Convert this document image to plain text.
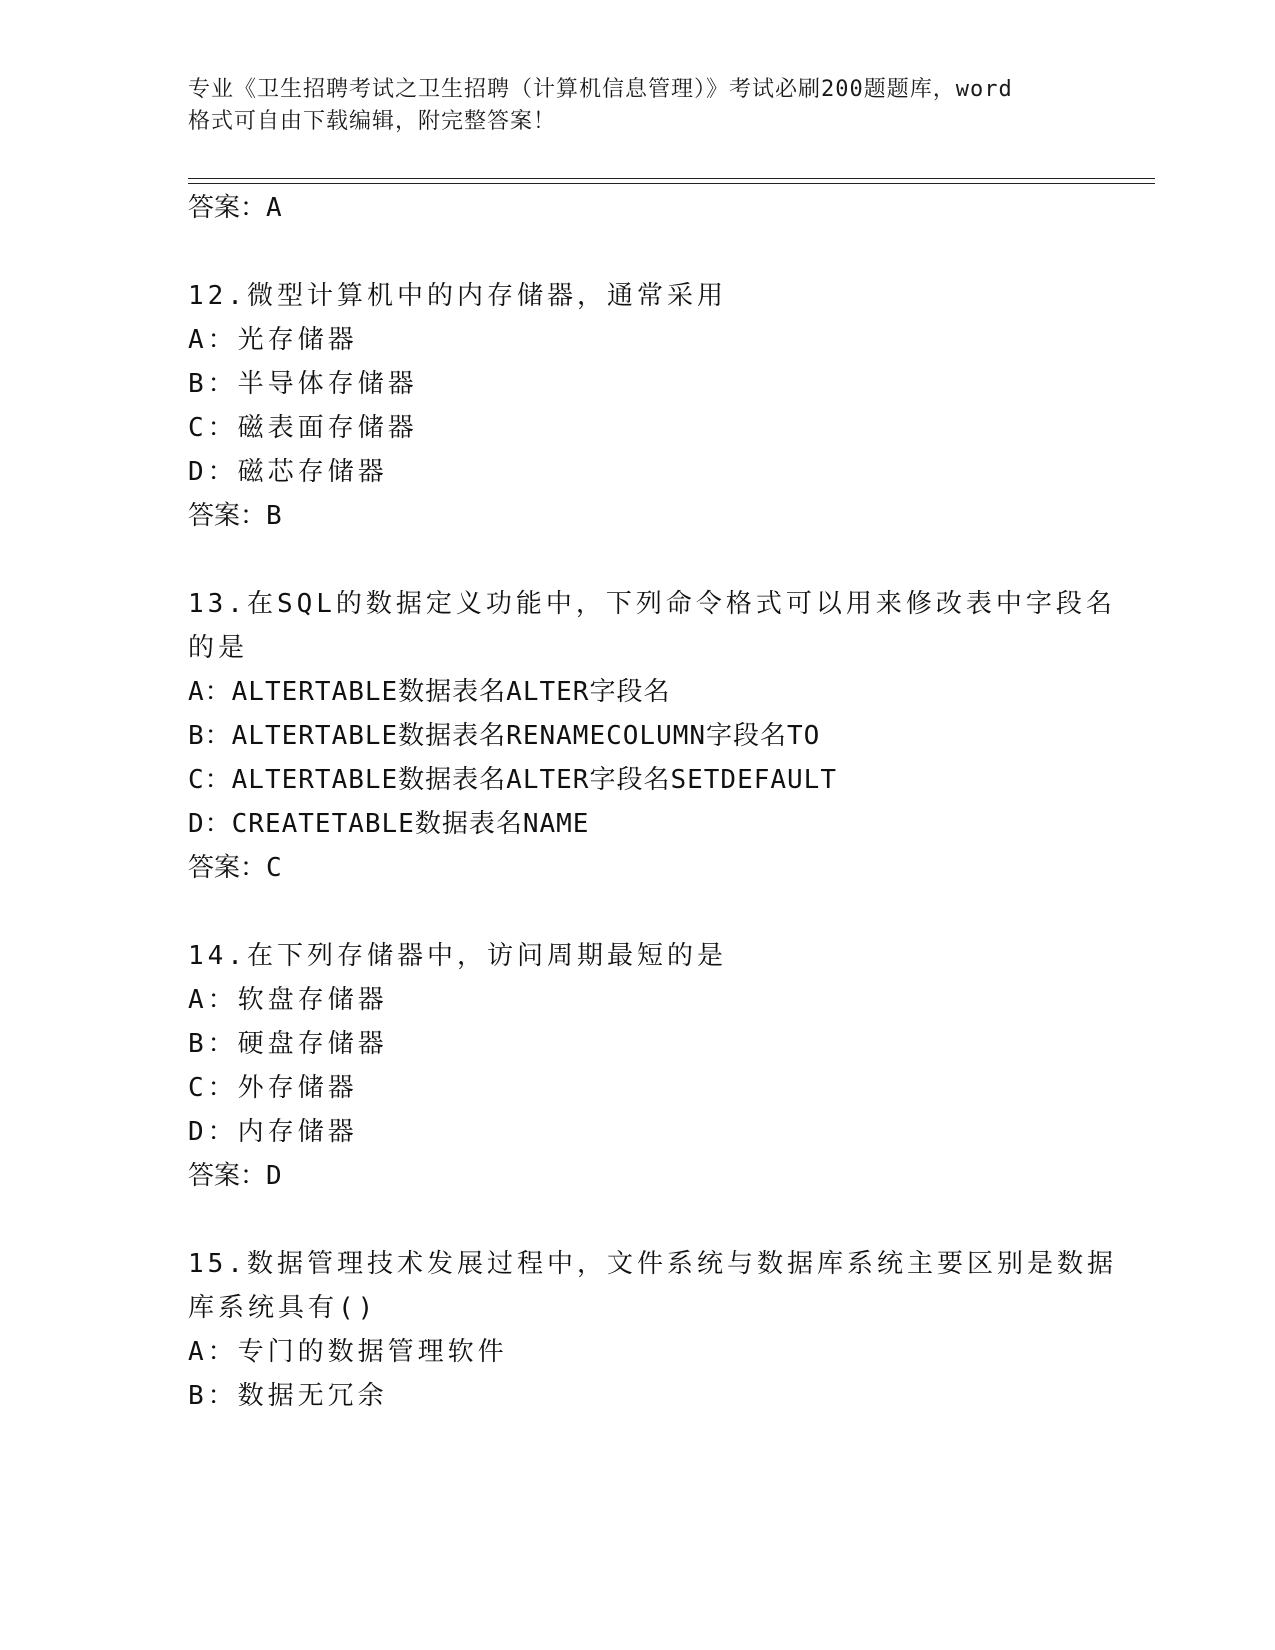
专业《卫生招聘考试之卫生招聘（计算机信息管理）》考试必刷200题题库，word
格式可自由下载编辑，附完整答案！
答案：A
12.微型计算机中的内存储器，通常采用
A：光存储器
B：半导体存储器
C：磁表面存储器
D：磁芯存储器
答案：B
13.在SQL的数据定义功能中，下列命令格式可以用来修改表中字段名
的是
A：ALTERTABLE数据表名ALTER字段名
B：ALTERTABLE数据表名RENAMECOLUMN字段名TO
C：ALTERTABLE数据表名ALTER字段名SETDEFAULT
D：CREATETABLE数据表名NAME
答案：C
14.在下列存储器中，访问周期最短的是
A：软盘存储器
B：硬盘存储器
C：外存储器
D：内存储器
答案：D
15.数据管理技术发展过程中，文件系统与数据库系统主要区别是数据
库系统具有()
A：专门的数据管理软件
B：数据无冗余
